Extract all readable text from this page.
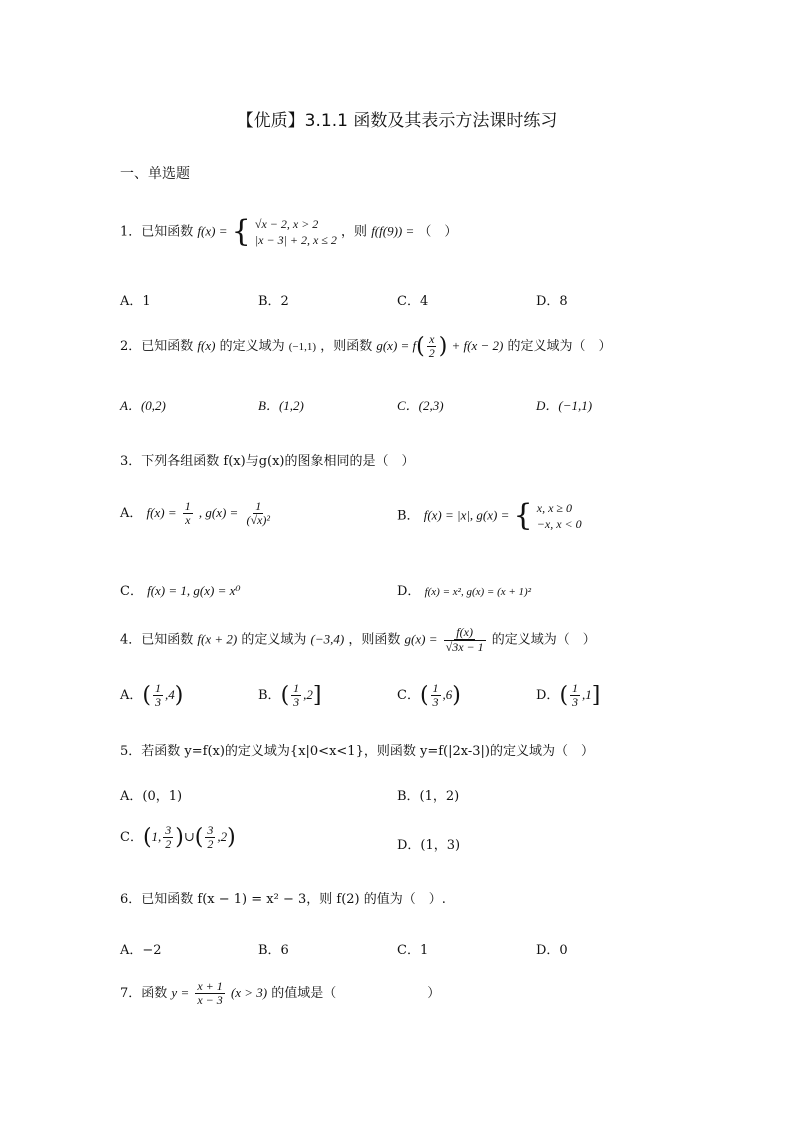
【优质】3.1.1 函数及其表示方法课时练习
一、单选题
1．已知函数 f(x) = { √x − 2, x > 2
|x − 3| + 2, x ≤ 2
，则 f(f(9)) = （　）
A．1	B．2	C．4	D．8
2．已知函数 f(x) 的定义域为 (−1,1) ，则函数 $g(x) = f( \frac{x}{2}$ ) + f(x − 2) 的定义域为（　）
A．(0,2)	B．(1,2)	C．(2,3)	D．(−1,1)
3．下列各组函数 f(x)与g(x)的图象相同的是（　）
A． $f(x) = \frac{1}{x}$ , $g(x) = \frac{1}{\text{(√x)²}}$	B． f(x) = |x|, g(x) = { x, x ≥ 0
−x, x < 0
C． f(x) = 1, g(x) = x⁰	D． f(x) = x², g(x) = (x + 1)²
4．已知函数 f(x + 2) 的定义域为 (−3,4) ，则函数 $g(x) = \frac{f(x)}{√3x - 1}$ 的定义域为（　）
A．( $\frac{1}{3} ,4$)	B．( $\frac{1}{3} ,2$]	C．( $\frac{1}{3} ,6$)	D．( $\frac{1}{3} ,1$]
5．若函数 y=f(x)的定义域为{x|0<x<1}，则函数 y=f(|2x-3|)的定义域为（　）
A．(0，1)	B．(1，2)
C．(1, $\frac{3}{2}$ )∪( $\frac{3}{2} ,2$)	D．(1，3)
6．已知函数 f(x − 1) = x² − 3，则 f(2) 的值为（　）.
A．−2	B．6	C．1	D．0
7．函数 $y = \frac{x + 1}{x - 3} (x > 3)$ 的值域是（　　　　　　　）
